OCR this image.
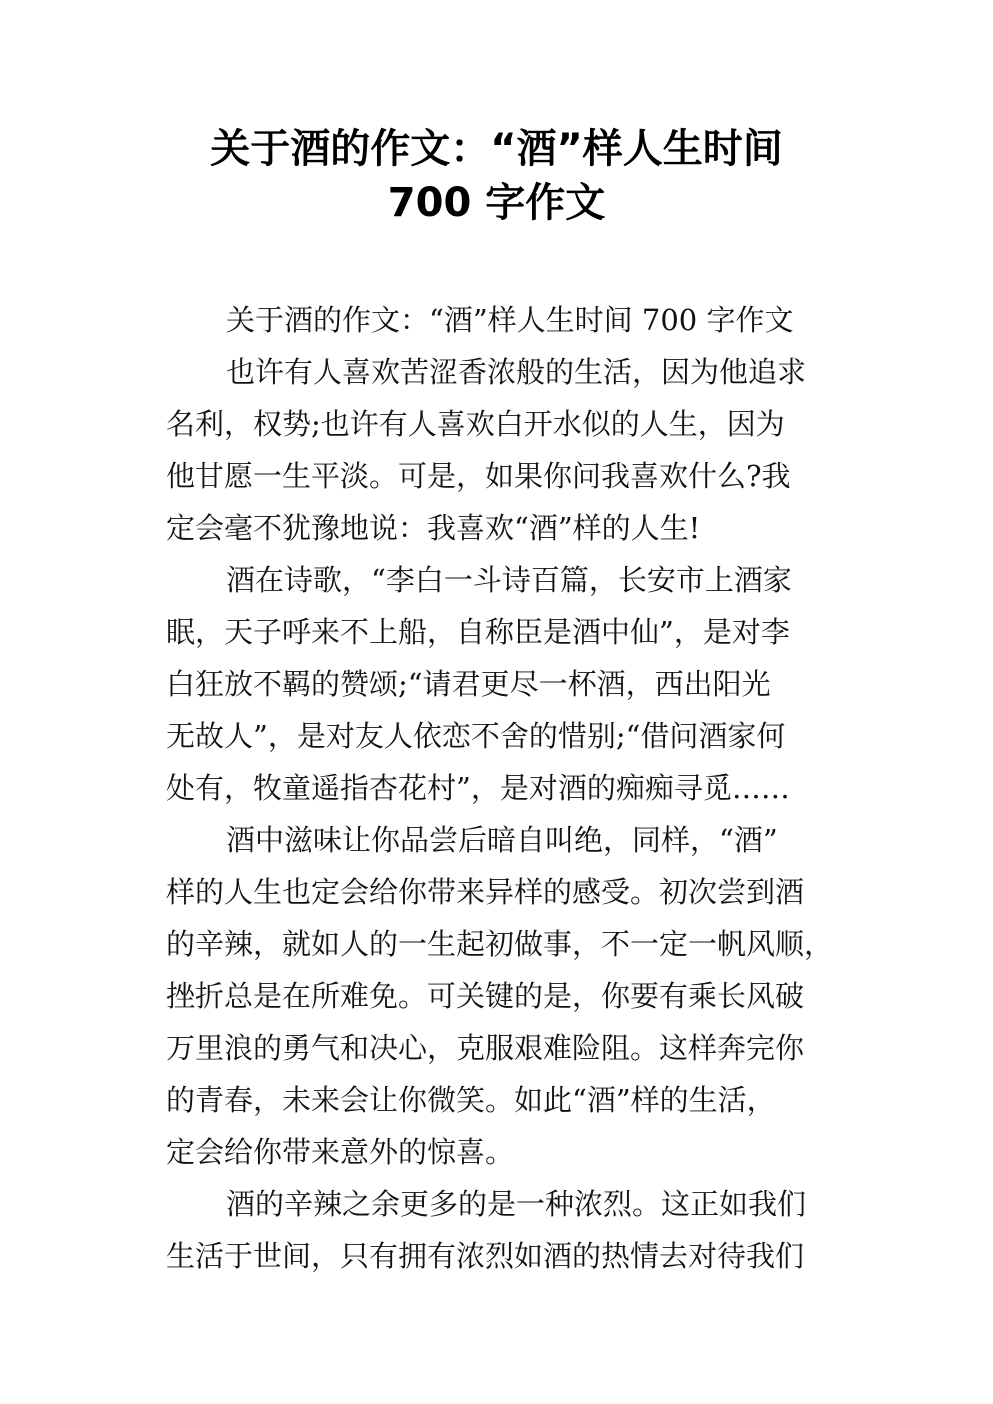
关于酒的作文：“酒”样人生时间
700 字作文
关于酒的作文：“酒”样人生时间 700 字作文
也许有人喜欢苦涩香浓般的生活，因为他追求
名利，权势;也许有人喜欢白开水似的人生，因为
他甘愿一生平淡。可是，如果你问我喜欢什么?我
定会毫不犹豫地说：我喜欢“酒”样的人生!
酒在诗歌，“李白一斗诗百篇，长安市上酒家
眠，天子呼来不上船，自称臣是酒中仙”，是对李
白狂放不羁的赞颂;“请君更尽一杯酒，西出阳光
无故人”，是对友人依恋不舍的惜别;“借问酒家何
处有，牧童遥指杏花村”，是对酒的痴痴寻觅……
酒中滋味让你品尝后暗自叫绝，同样，“酒”
样的人生也定会给你带来异样的感受。初次尝到酒
的辛辣，就如人的一生起初做事，不一定一帆风顺，
挫折总是在所难免。可关键的是，你要有乘长风破
万里浪的勇气和决心，克服艰难险阻。这样奔完你
的青春，未来会让你微笑。如此“酒”样的生活，
定会给你带来意外的惊喜。
酒的辛辣之余更多的是一种浓烈。这正如我们
生活于世间，只有拥有浓烈如酒的热情去对待我们
